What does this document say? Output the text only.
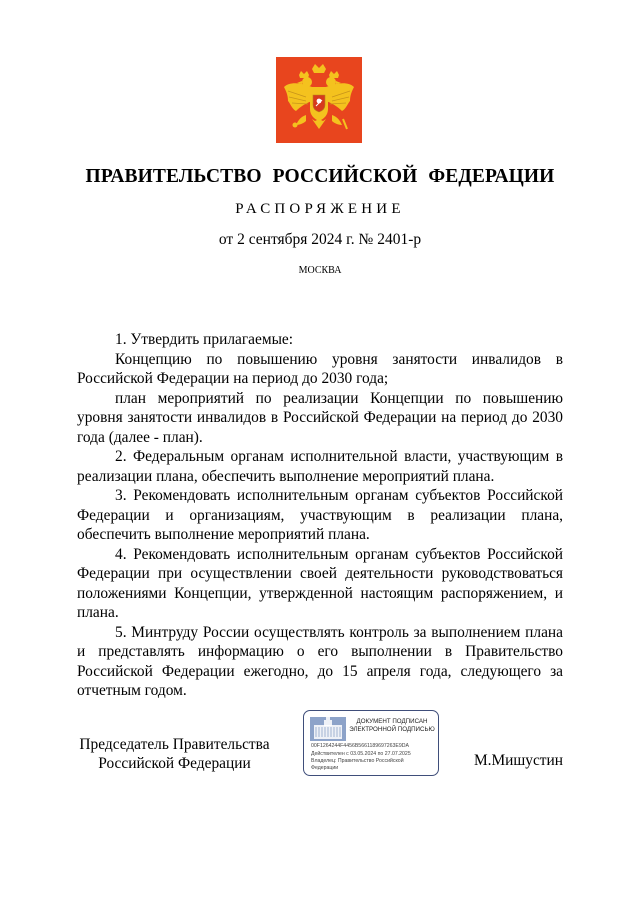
ПРАВИТЕЛЬСТВО РОССИЙСКОЙ ФЕДЕРАЦИИ
РАСПОРЯЖЕНИЕ
от 2 сентября 2024 г. № 2401-р
МОСКВА

1. Утвердить прилагаемые:

Концепцию по повышению уровня занятости инвалидов в Российской Федерации на период до 2030 года;

план мероприятий по реализации Концепции по повышению уровня занятости инвалидов в Российской Федерации на период до 2030 года (далее - план).

2. Федеральным органам исполнительной власти, участвующим в реализации плана, обеспечить выполнение мероприятий плана.

3. Рекомендовать исполнительным органам субъектов Российской Федерации и организациям, участвующим в реализации плана, обеспечить выполнение мероприятий плана.

4. Рекомендовать исполнительным органам субъектов Российской Федерации при осуществлении своей деятельности руководствоваться положениями Концепции, утвержденной настоящим распоряжением, и плана.

5. Минтруду России осуществлять контроль за выполнением плана и представлять информацию о его выполнении в Правительство Российской Федерации ежегодно, до 15 апреля года, следующего за отчетным годом.

Председатель Правительства
Российской Федерации
ДОКУМЕНТ ПОДПИСАН
ЭЛЕКТРОННОЙ ПОДПИСЬЮ
00F1264244F4456B5661189697263E9DA
Действителен с 03.05.2024 по 27.07.2025
Владелец: Правительство Российской
Федерации	М.Мишустин
